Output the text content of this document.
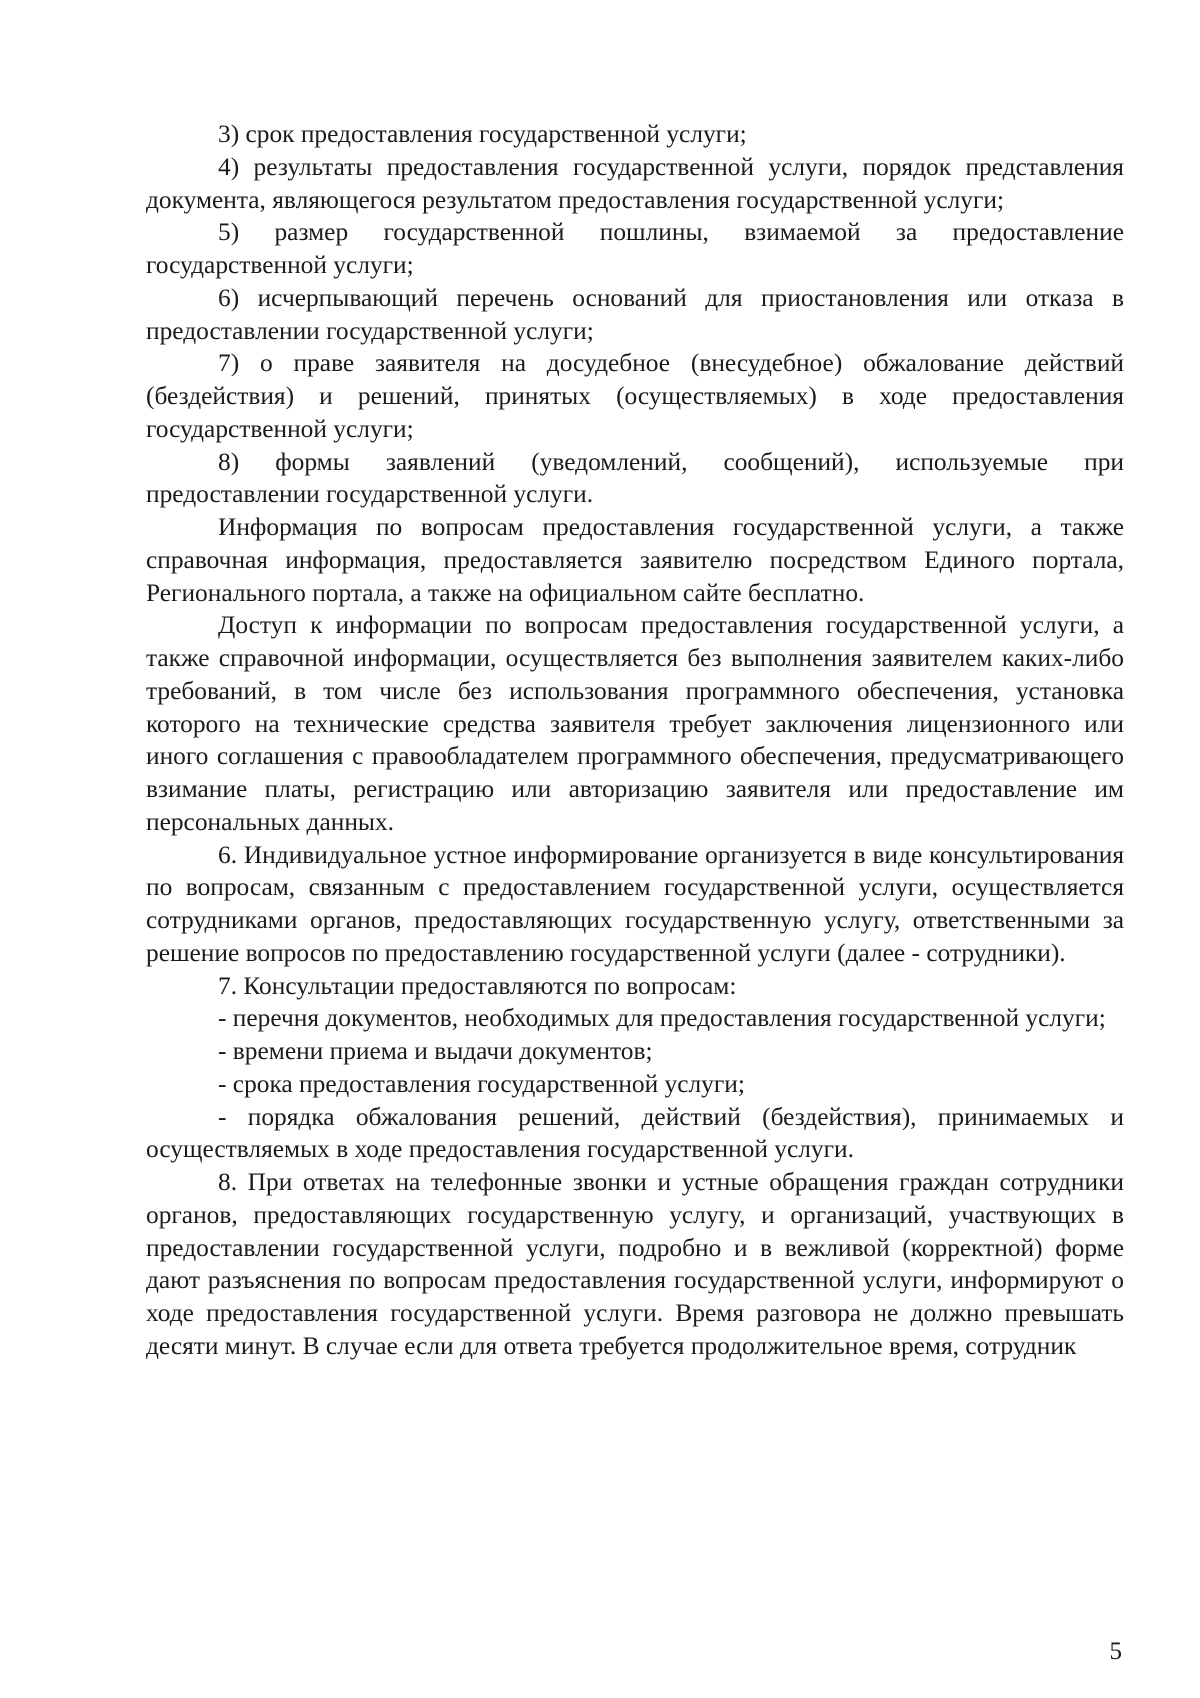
3) срок предоставления государственной услуги;

4) результаты предоставления государственной услуги, порядок представления документа, являющегося результатом предоставления государственной услуги;

5) размер государственной пошлины, взимаемой за предоставление государственной услуги;

6) исчерпывающий перечень оснований для приостановления или отказа в предоставлении государственной услуги;

7) о праве заявителя на досудебное (внесудебное) обжалование действий (бездействия) и решений, принятых (осуществляемых) в ходе предоставления государственной услуги;

8) формы заявлений (уведомлений, сообщений), используемые при предоставлении государственной услуги.

Информация по вопросам предоставления государственной услуги, а также справочная информация, предоставляется заявителю посредством Единого портала, Регионального портала, а также на официальном сайте бесплатно.

Доступ к информации по вопросам предоставления государственной услуги, а также справочной информации, осуществляется без выполнения заявителем каких-либо требований, в том числе без использования программного обеспечения, установка которого на технические средства заявителя требует заключения лицензионного или иного соглашения с правообладателем программного обеспечения, предусматривающего взимание платы, регистрацию или авторизацию заявителя или предоставление им персональных данных.

6. Индивидуальное устное информирование организуется в виде консультирования по вопросам, связанным с предоставлением государственной услуги, осуществляется сотрудниками органов, предоставляющих государственную услугу, ответственными за решение вопросов по предоставлению государственной услуги (далее - сотрудники).

7. Консультации предоставляются по вопросам:

- перечня документов, необходимых для предоставления государственной услуги;

- времени приема и выдачи документов;

- срока предоставления государственной услуги;

- порядка обжалования решений, действий (бездействия), принимаемых и осуществляемых в ходе предоставления государственной услуги.

8. При ответах на телефонные звонки и устные обращения граждан сотрудники органов, предоставляющих государственную услугу, и организаций, участвующих в предоставлении государственной услуги, подробно и в вежливой (корректной) форме дают разъяснения по вопросам предоставления государственной услуги, информируют о ходе предоставления государственной услуги. Время разговора не должно превышать десяти минут. В случае если для ответа требуется продолжительное время, сотрудник

5
